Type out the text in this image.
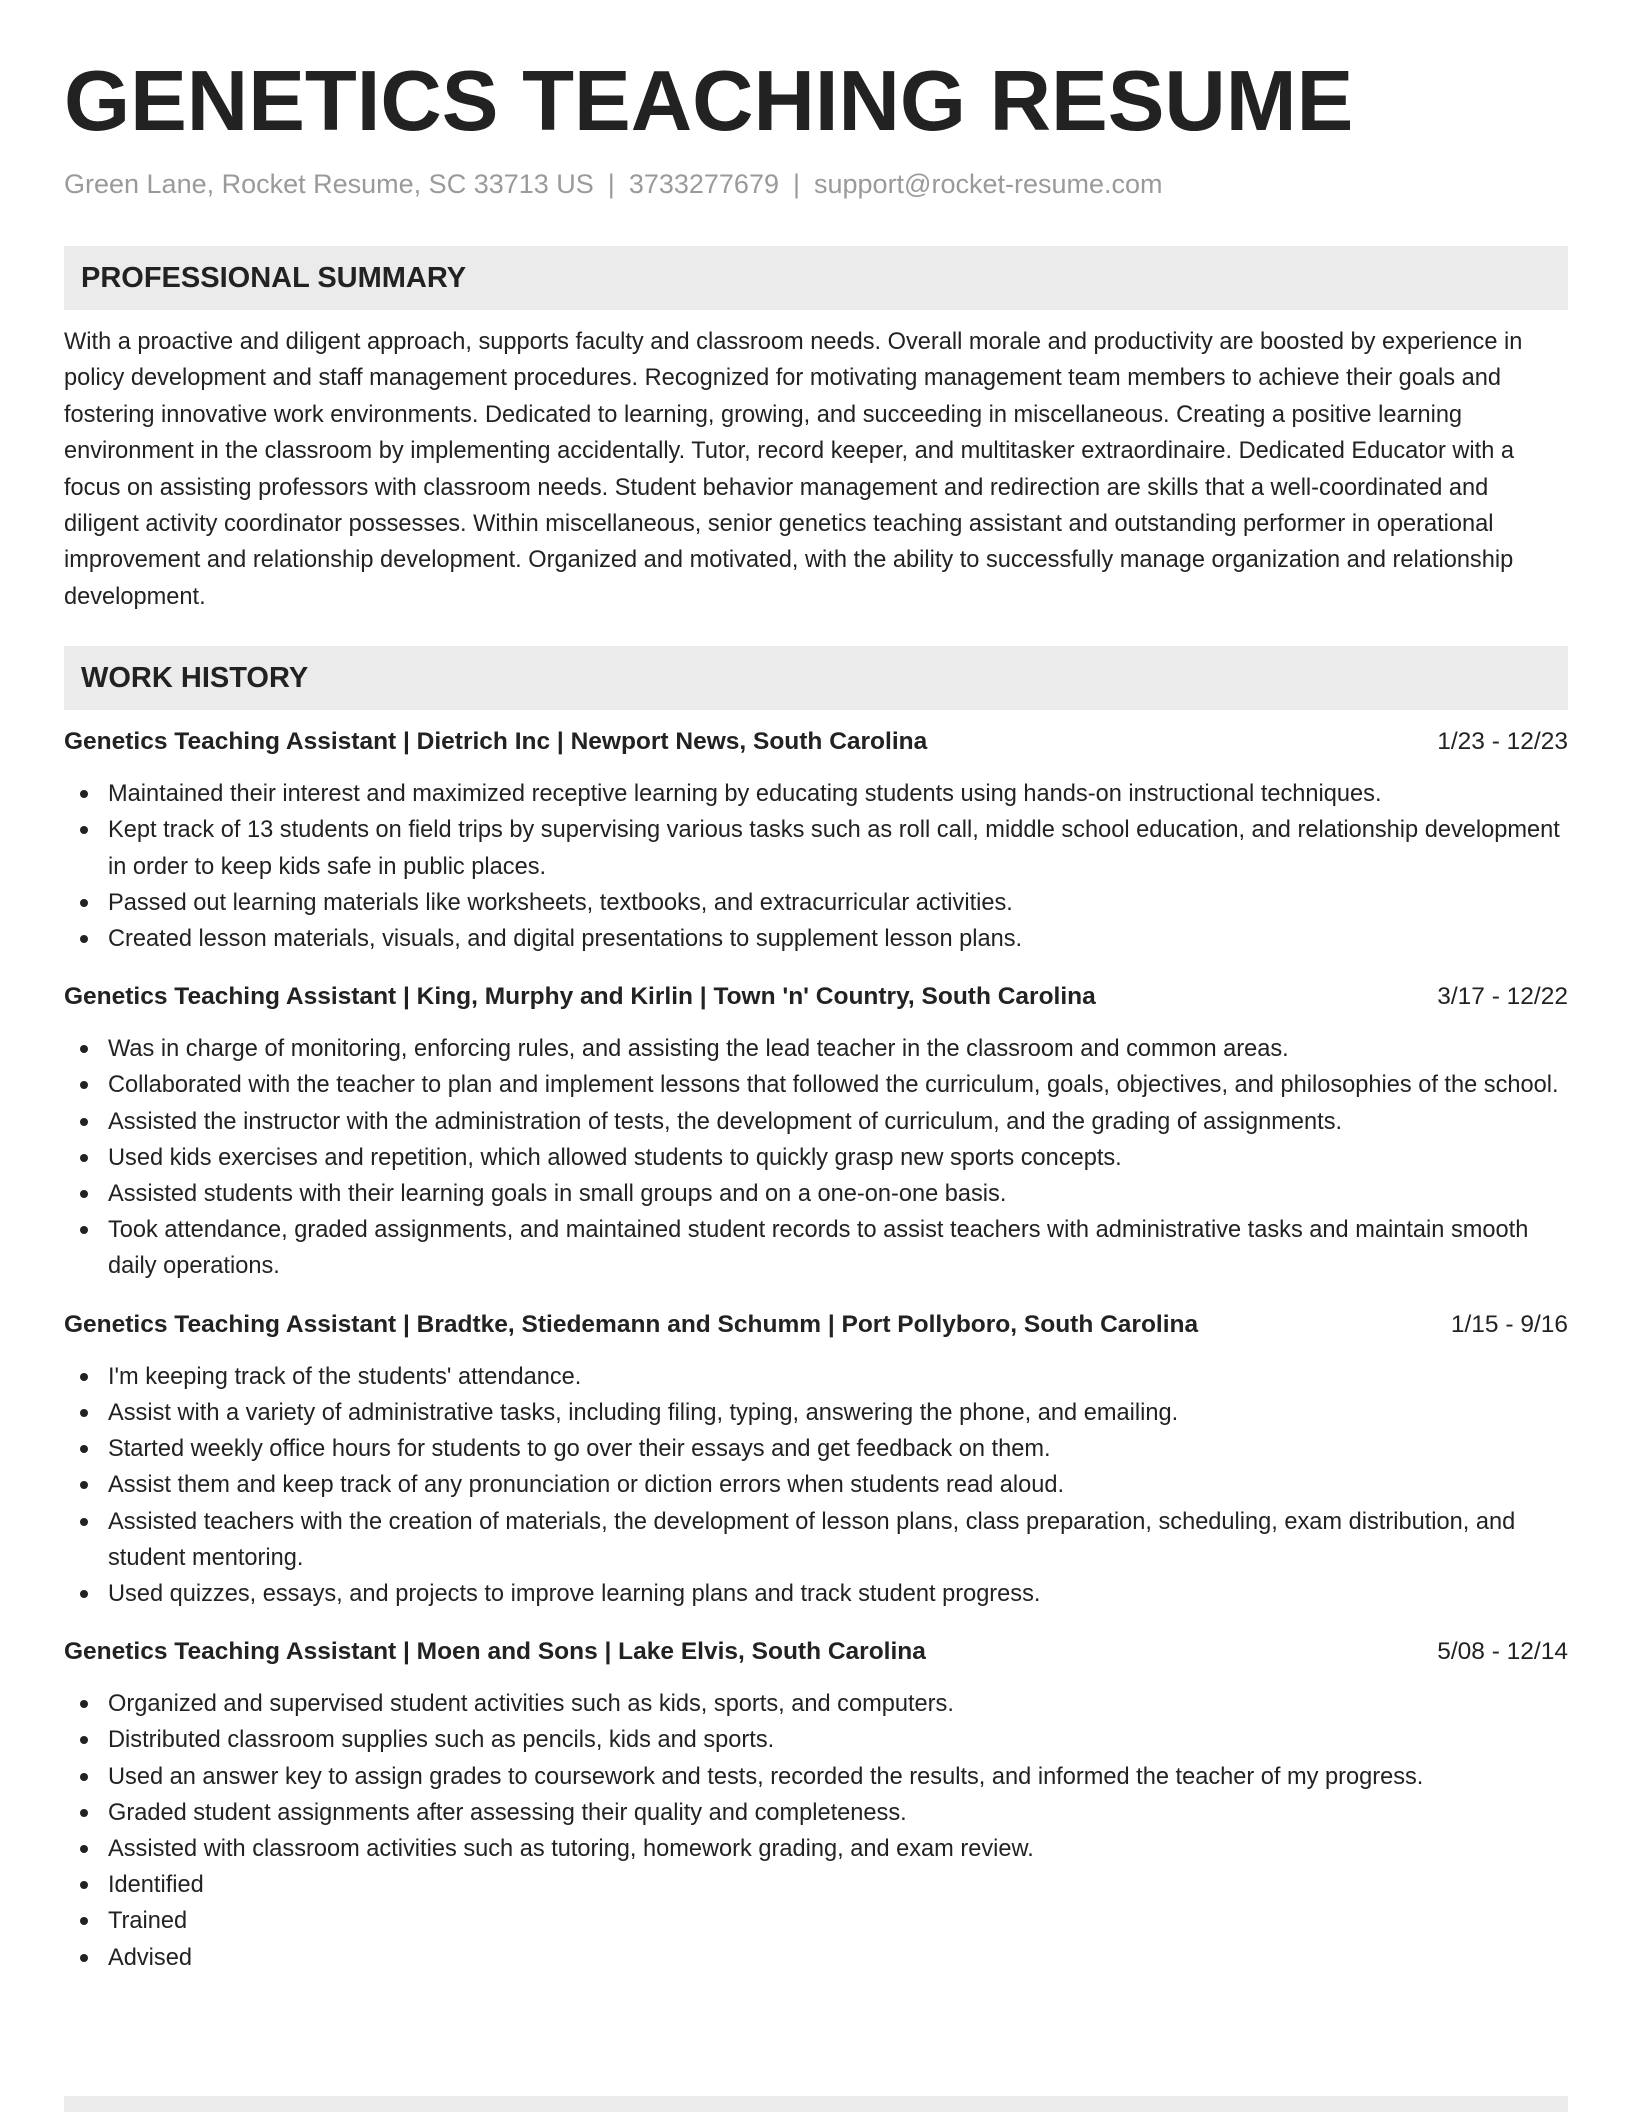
GENETICS TEACHING RESUME
Green Lane, Rocket Resume, SC 33713 US | 3733277679 | support@rocket-resume.com
PROFESSIONAL SUMMARY
With a proactive and diligent approach, supports faculty and classroom needs. Overall morale and productivity are boosted by experience in policy development and staff management procedures. Recognized for motivating management team members to achieve their goals and fostering innovative work environments. Dedicated to learning, growing, and succeeding in miscellaneous. Creating a positive learning environment in the classroom by implementing accidentally. Tutor, record keeper, and multitasker extraordinaire. Dedicated Educator with a focus on assisting professors with classroom needs. Student behavior management and redirection are skills that a well-coordinated and diligent activity coordinator possesses. Within miscellaneous, senior genetics teaching assistant and outstanding performer in operational improvement and relationship development. Organized and motivated, with the ability to successfully manage organization and relationship development.
WORK HISTORY
Genetics Teaching Assistant | Dietrich Inc | Newport News, South Carolina	1/23 - 12/23
Maintained their interest and maximized receptive learning by educating students using hands-on instructional techniques.
Kept track of 13 students on field trips by supervising various tasks such as roll call, middle school education, and relationship development in order to keep kids safe in public places.
Passed out learning materials like worksheets, textbooks, and extracurricular activities.
Created lesson materials, visuals, and digital presentations to supplement lesson plans.
Genetics Teaching Assistant | King, Murphy and Kirlin | Town 'n' Country, South Carolina	3/17 - 12/22
Was in charge of monitoring, enforcing rules, and assisting the lead teacher in the classroom and common areas.
Collaborated with the teacher to plan and implement lessons that followed the curriculum, goals, objectives, and philosophies of the school.
Assisted the instructor with the administration of tests, the development of curriculum, and the grading of assignments.
Used kids exercises and repetition, which allowed students to quickly grasp new sports concepts.
Assisted students with their learning goals in small groups and on a one-on-one basis.
Took attendance, graded assignments, and maintained student records to assist teachers with administrative tasks and maintain smooth daily operations.
Genetics Teaching Assistant | Bradtke, Stiedemann and Schumm | Port Pollyboro, South Carolina	1/15 - 9/16
I'm keeping track of the students' attendance.
Assist with a variety of administrative tasks, including filing, typing, answering the phone, and emailing.
Started weekly office hours for students to go over their essays and get feedback on them.
Assist them and keep track of any pronunciation or diction errors when students read aloud.
Assisted teachers with the creation of materials, the development of lesson plans, class preparation, scheduling, exam distribution, and student mentoring.
Used quizzes, essays, and projects to improve learning plans and track student progress.
Genetics Teaching Assistant | Moen and Sons | Lake Elvis, South Carolina	5/08 - 12/14
Organized and supervised student activities such as kids, sports, and computers.
Distributed classroom supplies such as pencils, kids and sports.
Used an answer key to assign grades to coursework and tests, recorded the results, and informed the teacher of my progress.
Graded student assignments after assessing their quality and completeness.
Assisted with classroom activities such as tutoring, homework grading, and exam review.
Identified
Trained
Advised
